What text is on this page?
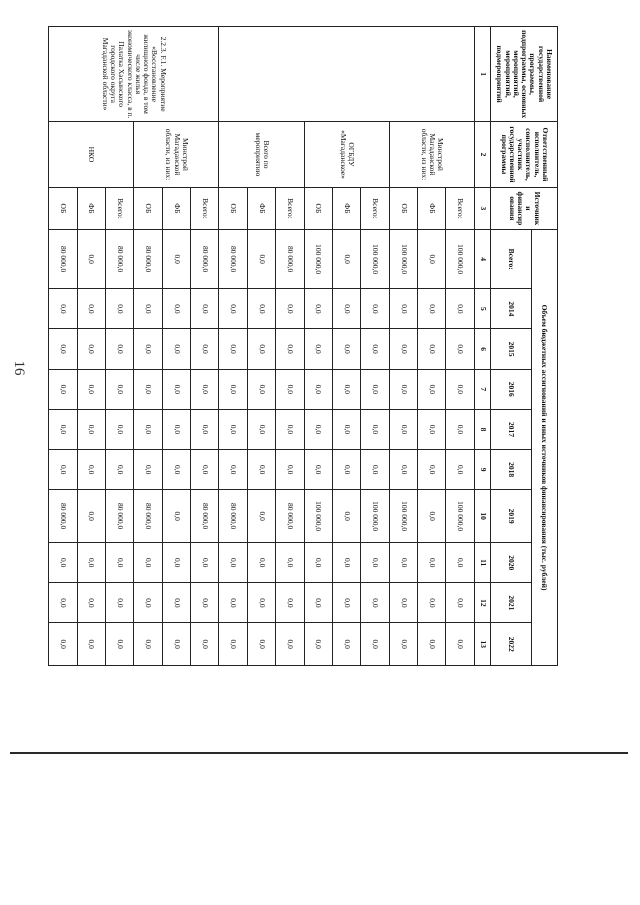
16
Наименование государственной программы, подпрограммы, основных мероприятий, мероприятий, подмероприятий	Ответственный исполнитель, соисполнитель, участник государственной программы	Источники финансирования	Объем бюджетных ассигнований и иных источников финансирования (тыс. рублей)									
			Всего:	2014	2015	2016	2017	2018	2019	2020	2021	2022
1	2	3	4	5	6	7	8	9	10	11	12	13
	Минстрой Магаданской области, из них:	Всего:	100 000,0	0,0	0,0	0,0	0,0	0,0	100 000,0	0,0	0,0	0,0
		ФБ	0,0	0,0	0,0	0,0	0,0	0,0	0,0	0,0	0,0	0,0
		ОБ	100 000,0	0,0	0,0	0,0	0,0	0,0	100 000,0	0,0	0,0	0,0
	ОГБДУ «Магаданское»	Всего:	100 000,0	0,0	0,0	0,0	0,0	0,0	100 000,0	0,0	0,0	0,0
		ФБ	0,0	0,0	0,0	0,0	0,0	0,0	0,0	0,0	0,0	0,0
		ОБ	100 000,0	0,0	0,0	0,0	0,0	0,0	100 000,0	0,0	0,0	0,0
	Всего по мероприятию	Всего:	80 000,0	0,0	0,0	0,0	0,0	0,0	80 000,0	0,0	0,0	0,0
		ФБ	0,0	0,0	0,0	0,0	0,0	0,0	0,0	0,0	0,0	0,0
		ОБ	80 000,0	0,0	0,0	0,0	0,0	0,0	80 000,0	0,0	0,0	0,0
2.2.3. F.1. Мероприятие «Восстановление жилищного фонда, в том числе жилья экономического класса, в п. Палатка Хасынского городского округа Магаданской области»	Минстрой Магаданской области, из них:	Всего:	80 000,0	0,0	0,0	0,0	0,0	0,0	80 000,0	0,0	0,0	0,0
		ФБ	0,0	0,0	0,0	0,0	0,0	0,0	0,0	0,0	0,0	0,0
		ОБ	80 000,0	0,0	0,0	0,0	0,0	0,0	80 000,0	0,0	0,0	0,0
	НКО	Всего:	80 000,0	0,0	0,0	0,0	0,0	0,0	80 000,0	0,0	0,0	0,0
		ФБ	0,0	0,0	0,0	0,0	0,0	0,0	0,0	0,0	0,0	0,0
		ОБ	80 000,0	0,0	0,0	0,0	0,0	0,0	80 000,0	0,0	0,0	0,0
